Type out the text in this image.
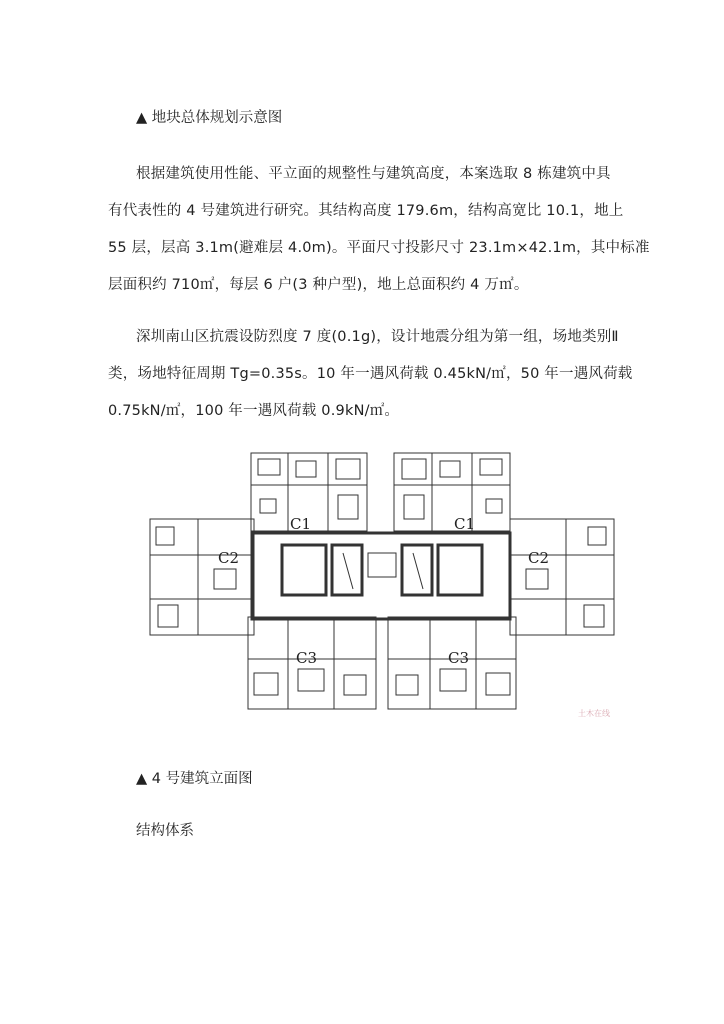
▲ 地块总体规划示意图
根据建筑使用性能、平立面的规整性与建筑高度，本案选取 8 栋建筑中具
有代表性的 4 号建筑进行研究。其结构高度 179.6m，结构高宽比 10.1，地上
55 层，层高 3.1m(避难层 4.0m)。平面尺寸投影尺寸 23.1m×42.1m，其中标准
层面积约 710㎡，每层 6 户(3 种户型)，地上总面积约 4 万㎡。
深圳南山区抗震设防烈度 7 度(0.1g)，设计地震分组为第一组，场地类别Ⅱ
类，场地特征周期 Tg=0.35s。10 年一遇风荷载 0.45kN/㎡，50 年一遇风荷载
0.75kN/㎡，100 年一遇风荷载 0.9kN/㎡。
C1	C1
C2	C2
C3	C3
土木在线
▲ 4 号建筑立面图
结构体系
